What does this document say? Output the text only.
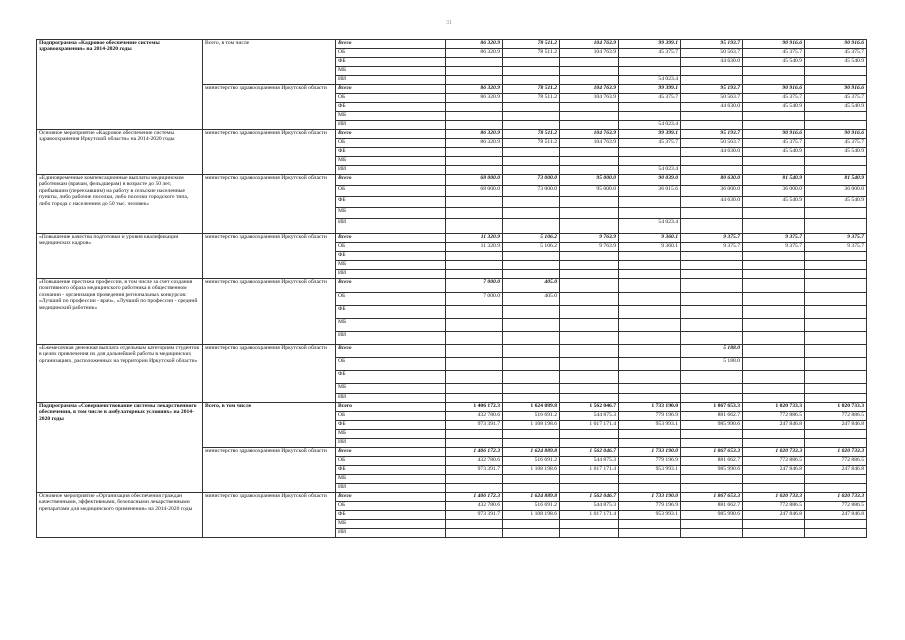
31
Подпрограмма «Кадровое обеспечение системы здравоохранения» на 2014-2020 годы	Всего, в том числе	Всего	86 320.9	78 511.2	104 763.9	99 399.1	95 193.7	90 916.6	90 916.6
		ОБ	86 320.9	78 511.2	104 763.9	45 375.7	50 563.7	45 375.7	45 375.7
		ФБ					44 630.0	45 540.9	45 540.9
		МБ							
		ИИ				54 023.4			
	министерство здравоохранения Иркутской области	Всего	86 320.9	78 511.2	104 763.9	99 399.1	95 193.7	90 916.6	90 916.6
		ОБ	86 320.9	78 511.2	104 763.9	45 375.7	50 563.7	45 375.7	45 375.7
		ФБ					44 630.0	45 540.9	45 540.9
		МБ							
		ИИ				54 023.4			
Основное мероприятие «Кадровое обеспечение системы здравоохранения Иркутской области» на 2014-2020 годы	министерство здравоохранения Иркутской области	Всего	86 320.9	78 511.2	104 763.9	99 399.1	95 193.7	90 916.6	90 916.6
		ОБ	86 320.9	78 511.2	104 763.9	45 375.7	50 563.7	45 375.7	45 375.7
		ФБ					44 630.0	45 540.9	45 540.9
		МБ							
		ИИ				54 023.4			
«Единовременные компенсационные выплаты медицинским работникам (врачам, фельдшерам) в возрасте до 50 лет, прибывшим (переехавшим) на работу в сельские населенные пункты, либо рабочие поселки, либо поселки городского типа, либо города с населением до 50 тыс. человек»	министерство здравоохранения Иркутской области	Всего	68 000.0	73 000.0	95 000.0	90 039.0	80 630.0	81 540.9	81 540.9
		ОБ	68 000.0	73 000.0	95 000.0	36 015.6	36 000.0	36 000.0	36 000.0
		ФБ					44 630.0	45 540.9	45 540.9
		МБ							
		ИИ				54 023.4			
«Повышение качества подготовки и уровня квалификации медицинских кадров»	министерство здравоохранения Иркутской области	Всего	11 320.9	5 106.2	9 763.9	9 360.1	9 375.7	9 375.7	9 375.7
		ОБ	11 320.9	5 106.2	9 763.9	9 360.1	9 375.7	9 375.7	9 375.7
		ФБ							
		МБ							
		ИИ							
«Повышение престижа профессии, в том числе за счет создания позитивного образа медицинского работника в общественном сознании - организация проведения региональных конкурсов: «Лучший по профессии - врач», «Лучший по профессии - средний медицинский работник»	министерство здравоохранения Иркутской области	Всего	7 000.0	405.0					
		ОБ	7 000.0	405.0					
		ФБ							
		МБ							
		ИИ							
«Ежемесячная денежная выплата отдельным категориям студентов в целях привлечения их для дальнейшей работы в медицинских организациях, расположенных на территории Иркутской области»	министерство здравоохранения Иркутской области	Всего					5 188.0		
		ОБ					5 188.0		
		ФБ							
		МБ							
		ИИ							
Подпрограмма «Совершенствование системы лекарственного обеспечения, в том числе в амбулаторных условиях» на 2014-2020 годы	Всего, в том числе	Всего	1 406 172.3	1 624 889.8	1 562 046.7	1 733 190.0	1 867 653.3	1 020 733.3	1 020 733.3
		ОБ	432 780.6	516 691.2	544 875.3	779 196.9	881 662.7	772 886.5	772 886.5
		ФБ	973 391.7	1 108 198.6	1 017 171.4	953 993.1	985 990.6	247 846.8	247 846.8
		МБ							
		ИИ							
	министерство здравоохранения Иркутской области	Всего	1 406 172.3	1 624 889.8	1 562 046.7	1 733 190.0	1 867 653.3	1 020 733.3	1 020 733.3
		ОБ	432 780.6	516 691.2	544 875.3	779 196.9	881 662.7	772 886.5	772 886.5
		ФБ	973 391.7	1 108 198.6	1 017 171.4	953 993.1	985 990.6	247 846.8	247 846.8
		МБ							
		ИИ							
Основное мероприятие «Организация обеспечения граждан качественными, эффективными, безопасными лекарственными препаратами для медицинского применения» на 2014-2020 годы	министерство здравоохранения Иркутской области	Всего	1 406 172.3	1 624 889.8	1 562 046.7	1 733 190.0	1 867 653.3	1 020 733.3	1 020 733.3
		ОБ	432 780.6	516 691.2	544 875.3	779 196.9	881 662.7	772 886.5	772 886.5
		ФБ	973 391.7	1 108 198.6	1 017 171.4	953 993.1	985 990.6	247 846.8	247 846.8
		МБ							
		ИИ							
